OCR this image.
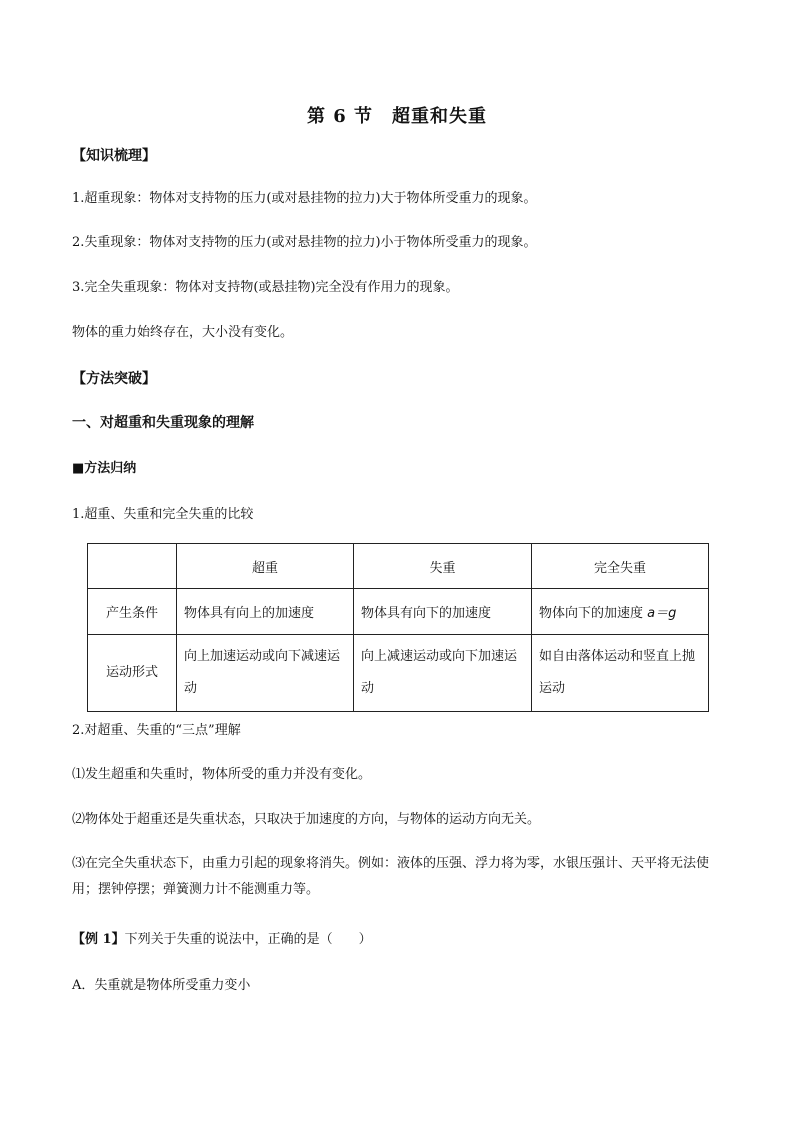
第 6 节　超重和失重
【知识梳理】
1.超重现象：物体对支持物的压力(或对悬挂物的拉力)大于物体所受重力的现象。
2.失重现象：物体对支持物的压力(或对悬挂物的拉力)小于物体所受重力的现象。
3.完全失重现象：物体对支持物(或悬挂物)完全没有作用力的现象。
物体的重力始终存在，大小没有变化。
【方法突破】
一、对超重和失重现象的理解
■方法归纳
1.超重、失重和完全失重的比较
	超重	失重	完全失重
产生条件	物体具有向上的加速度	物体具有向下的加速度	物体向下的加速度 a＝g
运动形式	向上加速运动或向下减速运动	向上减速运动或向下加速运动	如自由落体运动和竖直上抛运动
2.对超重、失重的“三点”理解
⑴发生超重和失重时，物体所受的重力并没有变化。
⑵物体处于超重还是失重状态，只取决于加速度的方向，与物体的运动方向无关。
⑶在完全失重状态下，由重力引起的现象将消失。例如：液体的压强、浮力将为零，水银压强计、天平将无法使用；摆钟停摆；弹簧测力计不能测重力等。
【例 1】下列关于失重的说法中，正确的是（　　）
A．失重就是物体所受重力变小
